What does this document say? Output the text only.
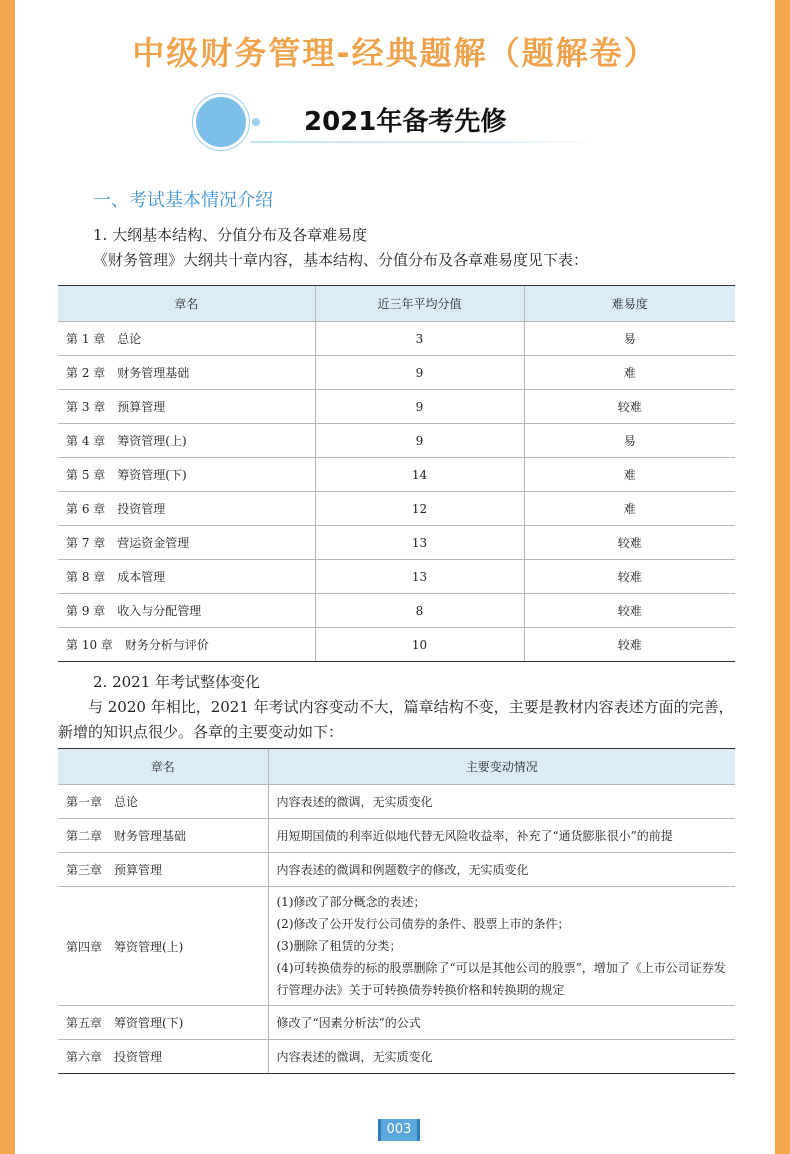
中级财务管理-经典题解（题解卷）
2021年备考先修
一、考试基本情况介绍
1. 大纲基本结构、分值分布及各章难易度
《财务管理》大纲共十章内容，基本结构、分值分布及各章难易度见下表：
章名	近三年平均分值	难易度
第 1 章　总论	3	易
第 2 章　财务管理基础	9	难
第 3 章　预算管理	9	较难
第 4 章　筹资管理(上)	9	易
第 5 章　筹资管理(下)	14	难
第 6 章　投资管理	12	难
第 7 章　营运资金管理	13	较难
第 8 章　成本管理	13	较难
第 9 章　收入与分配管理	8	较难
第 10 章　财务分析与评价	10	较难
2. 2021 年考试整体变化
与 2020 年相比，2021 年考试内容变动不大，篇章结构不变，主要是教材内容表述方面的完善，新增的知识点很少。各章的主要变动如下：
章名	主要变动情况
第一章　总论	内容表述的微调，无实质变化

第二章　财务管理基础	用短期国债的利率近似地代替无风险收益率，补充了“通货膨胀很小”的前提

第三章　预算管理	内容表述的微调和例题数字的修改，无实质变化

第四章　筹资管理(上)	(1)修改了部分概念的表述；
(2)修改了公开发行公司债券的条件、股票上市的条件；
(3)删除了租赁的分类；
(4)可转换债券的标的股票删除了“可以是其他公司的股票”，增加了《上市公司证券发行管理办法》关于可转换债券转换价格和转换期的规定

第五章　筹资管理(下)	修改了“因素分析法”的公式

第六章　投资管理	内容表述的微调，无实质变化
003
